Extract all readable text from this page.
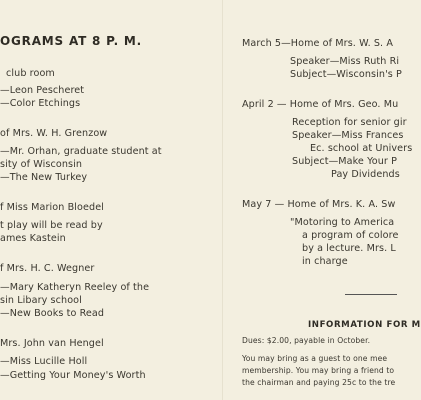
OGRAMS AT 8 P. M.
club room
—Leon Pescheret
—Color Etchings
of Mrs. W. H. Grenzow
—Mr. Orhan, graduate student at
sity of Wisconsin
—The New Turkey
f Miss Marion Bloedel
t play will be read by
ames Kastein
f Mrs. H. C. Wegner
—Mary Katheryn Reeley of the
sin Libary school
—New Books to Read
Mrs. John van Hengel
—Miss Lucille Holl
—Getting Your Money's Worth
March 5—Home of Mrs. W. S. A
Speaker—Miss Ruth Ri
Subject—Wisconsin's P
April 2 — Home of Mrs. Geo. Mu
Reception for senior gir
Speaker—Miss Frances
Ec. school at Univers
Subject—Make Your P
Pay Dividends
May 7 — Home of Mrs. K. A. Sw
"Motoring to America
a program of colore
by a lecture. Mrs. L
in charge
INFORMATION FOR M
Dues: $2.00, payable in October.
You may bring as a guest to one mee
membership. You may bring a friend to
the chairman and paying 25c to the tre
